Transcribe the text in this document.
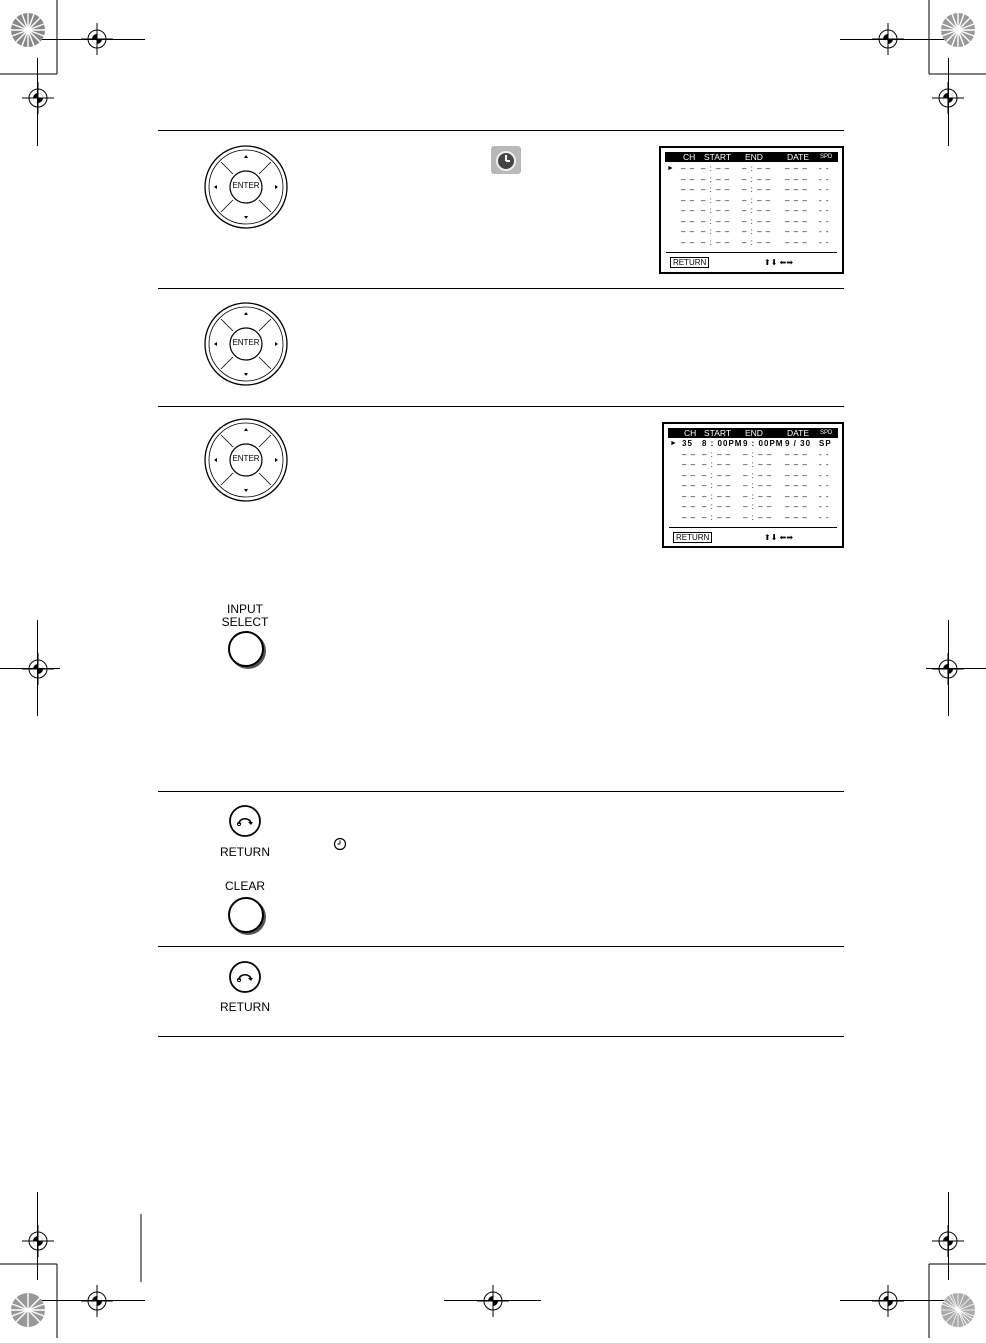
ENTER
ENTER
ENTER
CH START END	DATE SPD
► – – – : – – – : – – – – – - -
– – – : – – – : – – – – – - -
– – – : – – – : – – – – – - -
– – – : – – – : – – – – – - -
– – – : – – – : – – – – – - -
– – – : – – – : – – – – – - -
– – – : – – – : – – – – – - -
– – – : – – – : – – – – – - -
RETURN	⬆⬇ ⬅➡
CH START END	DATE SPD
► 35 8 : 00PM 9 : 00PM 9 / 30 SP
– – – : – – – : – – – – – - -
– – – : – – – : – – – – – - -
– – – : – – – : – – – – – - -
– – – : – – – : – – – – – - -
– – – : – – – : – – – – – - -
– – – : – – – : – – – – – - -
– – – : – – – : – – – – – - -
RETURN	⬆⬇ ⬅➡
INPUT
SELECT
RETURN
CLEAR
RETURN
